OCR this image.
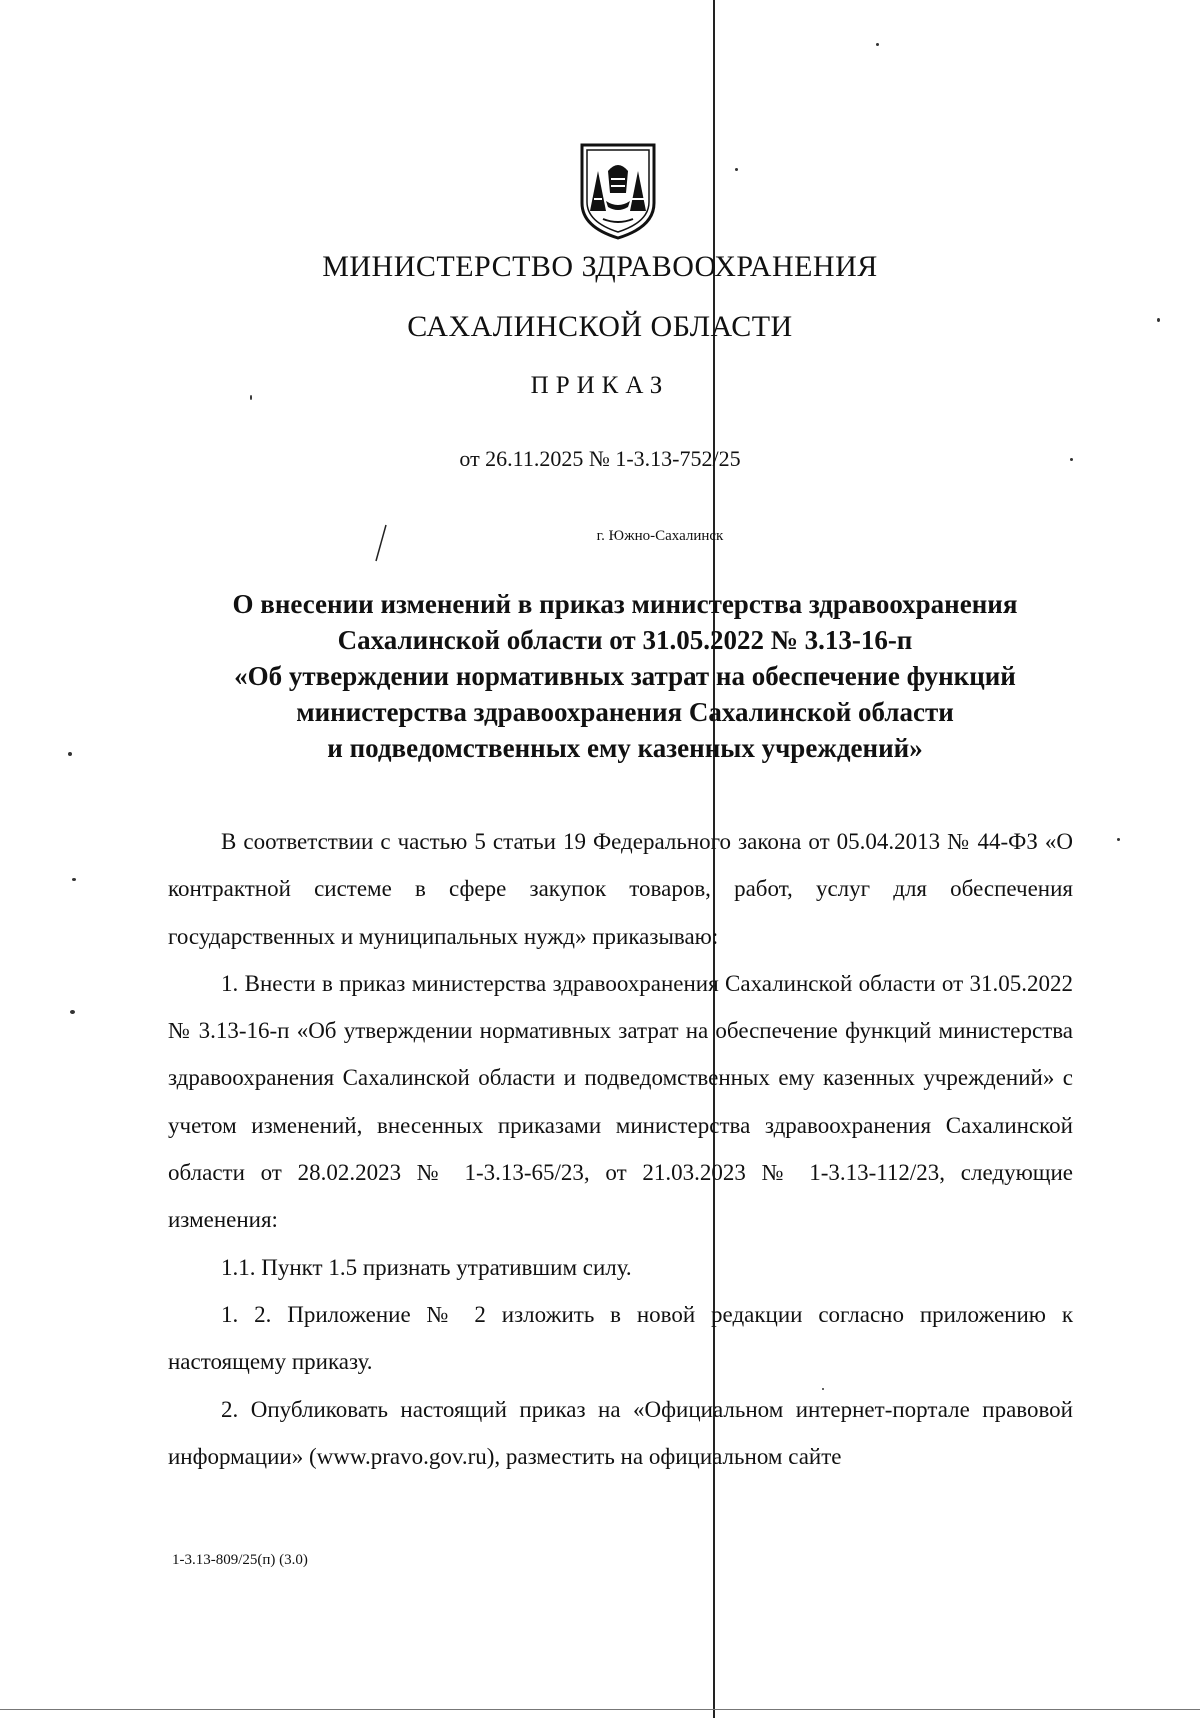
МИНИСТЕРСТВО ЗДРАВООХРАНЕНИЯ
САХАЛИНСКОЙ ОБЛАСТИ
ПРИКАЗ
от 26.11.2025 № 1-3.13-752/25
г. Южно-Сахалинск
О внесении изменений в приказ министерства здравоохранения
Сахалинской области от 31.05.2022 № 3.13-16-п
«Об утверждении нормативных затрат на обеспечение функций
министерства здравоохранения Сахалинской области
и подведомственных ему казенных учреждений»

В соответствии с частью 5 статьи 19 Федерального закона от 05.04.2013 № 44-ФЗ «О контрактной системе в сфере закупок товаров, работ, услуг для обеспечения государственных и муниципальных нужд» приказываю:

1. Внести в приказ министерства здравоохранения Сахалинской области от 31.05.2022 № 3.13-16-п «Об утверждении нормативных затрат на обеспечение функций министерства здравоохранения Сахалинской области и подведомственных ему казенных учреждений» с учетом изменений, внесенных приказами министерства здравоохранения Сахалинской области от 28.02.2023 № 1-3.13-65/23, от 21.03.2023 № 1-3.13-112/23, следующие изменения:

1.1. Пункт 1.5 признать утратившим силу.

1. 2. Приложение № 2 изложить в новой редакции согласно приложению к настоящему приказу.

2. Опубликовать настоящий приказ на «Официальном интернет-портале правовой информации» (www.pravo.gov.ru), разместить на официальном сайте

1-3.13-809/25(п) (3.0)
